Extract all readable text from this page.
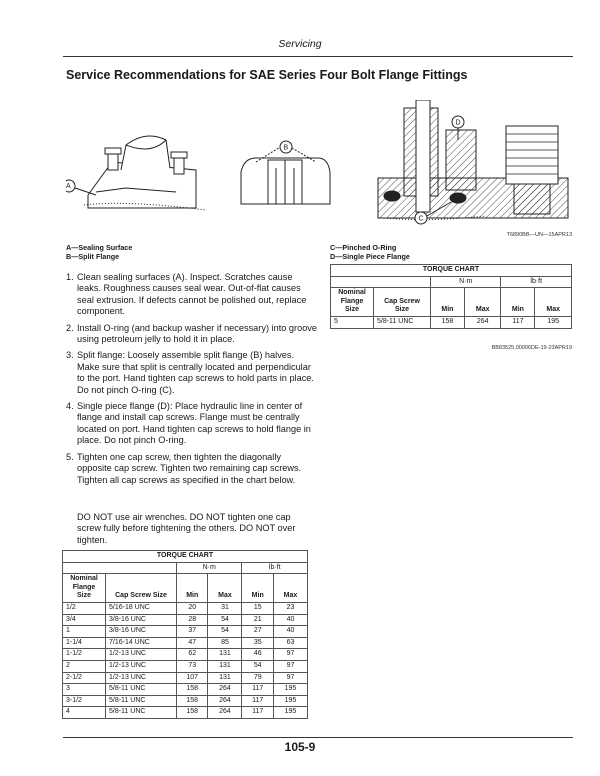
Servicing
Service Recommendations for SAE Series Four Bolt Flange Fittings
A
B
D
C
T6890BB—UN—15APR13
A—Sealing Surface
B—Split Flange
C—Pinched O-Ring
D—Single Piece Flange
1. Clean sealing surfaces (A). Inspect. Scratches cause leaks. Roughness causes seal wear. Out-of-flat causes seal extrusion. If defects cannot be polished out, replace component.
2. Install O-ring (and backup washer if necessary) into groove using petroleum jelly to hold it in place.
3. Split flange: Loosely assemble split flange (B) halves. Make sure that split is centrally located and perpendicular to the port. Hand tighten cap screws to hold parts in place. Do not pinch O-ring (C).
4. Single piece flange (D): Place hydraulic line in center of flange and install cap screws. Flange must be centrally located on port. Hand tighten cap screws to hold flange in place. Do not pinch O-ring.
5. Tighten one cap screw, then tighten the diagonally opposite cap screw. Tighten two remaining cap screws. Tighten all cap screws as specified in the chart below.
DO NOT use air wrenches. DO NOT tighten one cap screw fully before tightening the others. DO NOT over tighten.
TORQUE CHART					
		N·m		lb·ft	
Nominal Flange Size	Cap Screw Size	Min	Max	Min	Max
5	5/8-11 UNC	158	264	117	195
BB83525,00006DE-19-23APR19
TORQUE CHART					
		N·m		lb·ft	
Nominal Flange Size	Cap Screw Size	Min	Max	Min	Max
1/2	5/16-18 UNC	20	31	15	23
3/4	3/8-16 UNC	28	54	21	40
1	3/8-16 UNC	37	54	27	40
1-1/4	7/16-14 UNC	47	85	35	63
1-1/2	1/2-13 UNC	62	131	46	97
2	1/2-13 UNC	73	131	54	97
2-1/2	1/2-13 UNC	107	131	79	97
3	5/8-11 UNC	158	264	117	195
3-1/2	5/8-11 UNC	158	264	117	195
4	5/8-11 UNC	158	264	117	195
105-9
